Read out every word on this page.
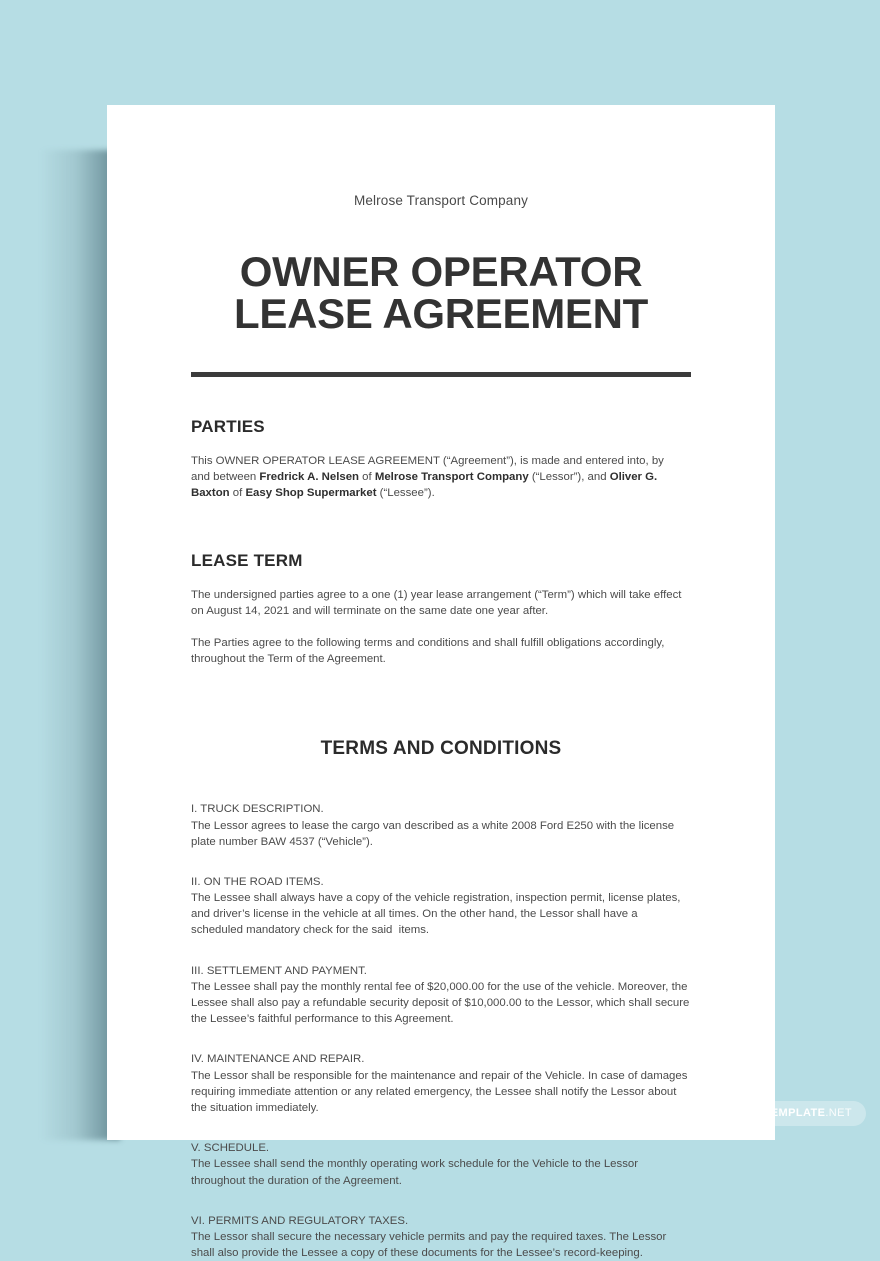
Melrose Transport Company
OWNER OPERATOR LEASE AGREEMENT
PARTIES

This OWNER OPERATOR LEASE AGREEMENT (“Agreement”), is made and entered into, by and between Fredrick A. Nelsen of Melrose Transport Company (“Lessor”), and Oliver G. Baxton of Easy Shop Supermarket (“Lessee”).

LEASE TERM

The undersigned parties agree to a one (1) year lease arrangement (“Term”) which will take effect on August 14, 2021 and will terminate on the same date one year after.

The Parties agree to the following terms and conditions and shall fulfill obligations accordingly, throughout the Term of the Agreement.

TERMS AND CONDITIONS
I. TRUCK DESCRIPTION.
The Lessor agrees to lease the cargo van described as a white 2008 Ford E250 with the license plate number BAW 4537 (“Vehicle”).
II. ON THE ROAD ITEMS.
The Lessee shall always have a copy of the vehicle registration, inspection permit, license plates, and driver’s license in the vehicle at all times. On the other hand, the Lessor shall have a scheduled mandatory check for the said  items.
III. SETTLEMENT AND PAYMENT.
The Lessee shall pay the monthly rental fee of $20,000.00 for the use of the vehicle. Moreover, the Lessee shall also pay a refundable security deposit of $10,000.00 to the Lessor, which shall secure the Lessee’s faithful performance to this Agreement.
IV. MAINTENANCE AND REPAIR.
The Lessor shall be responsible for the maintenance and repair of the Vehicle. In case of damages requiring immediate attention or any related emergency, the Lessee shall notify the Lessor about the situation immediately.
V. SCHEDULE.
The Lessee shall send the monthly operating work schedule for the Vehicle to the Lessor throughout the duration of the Agreement.
VI. PERMITS AND REGULATORY TAXES.
The Lessor shall secure the necessary vehicle permits and pay the required taxes. The Lessor shall also provide the Lessee a copy of these documents for the Lessee’s record-keeping.
TEMPLATE.NET
